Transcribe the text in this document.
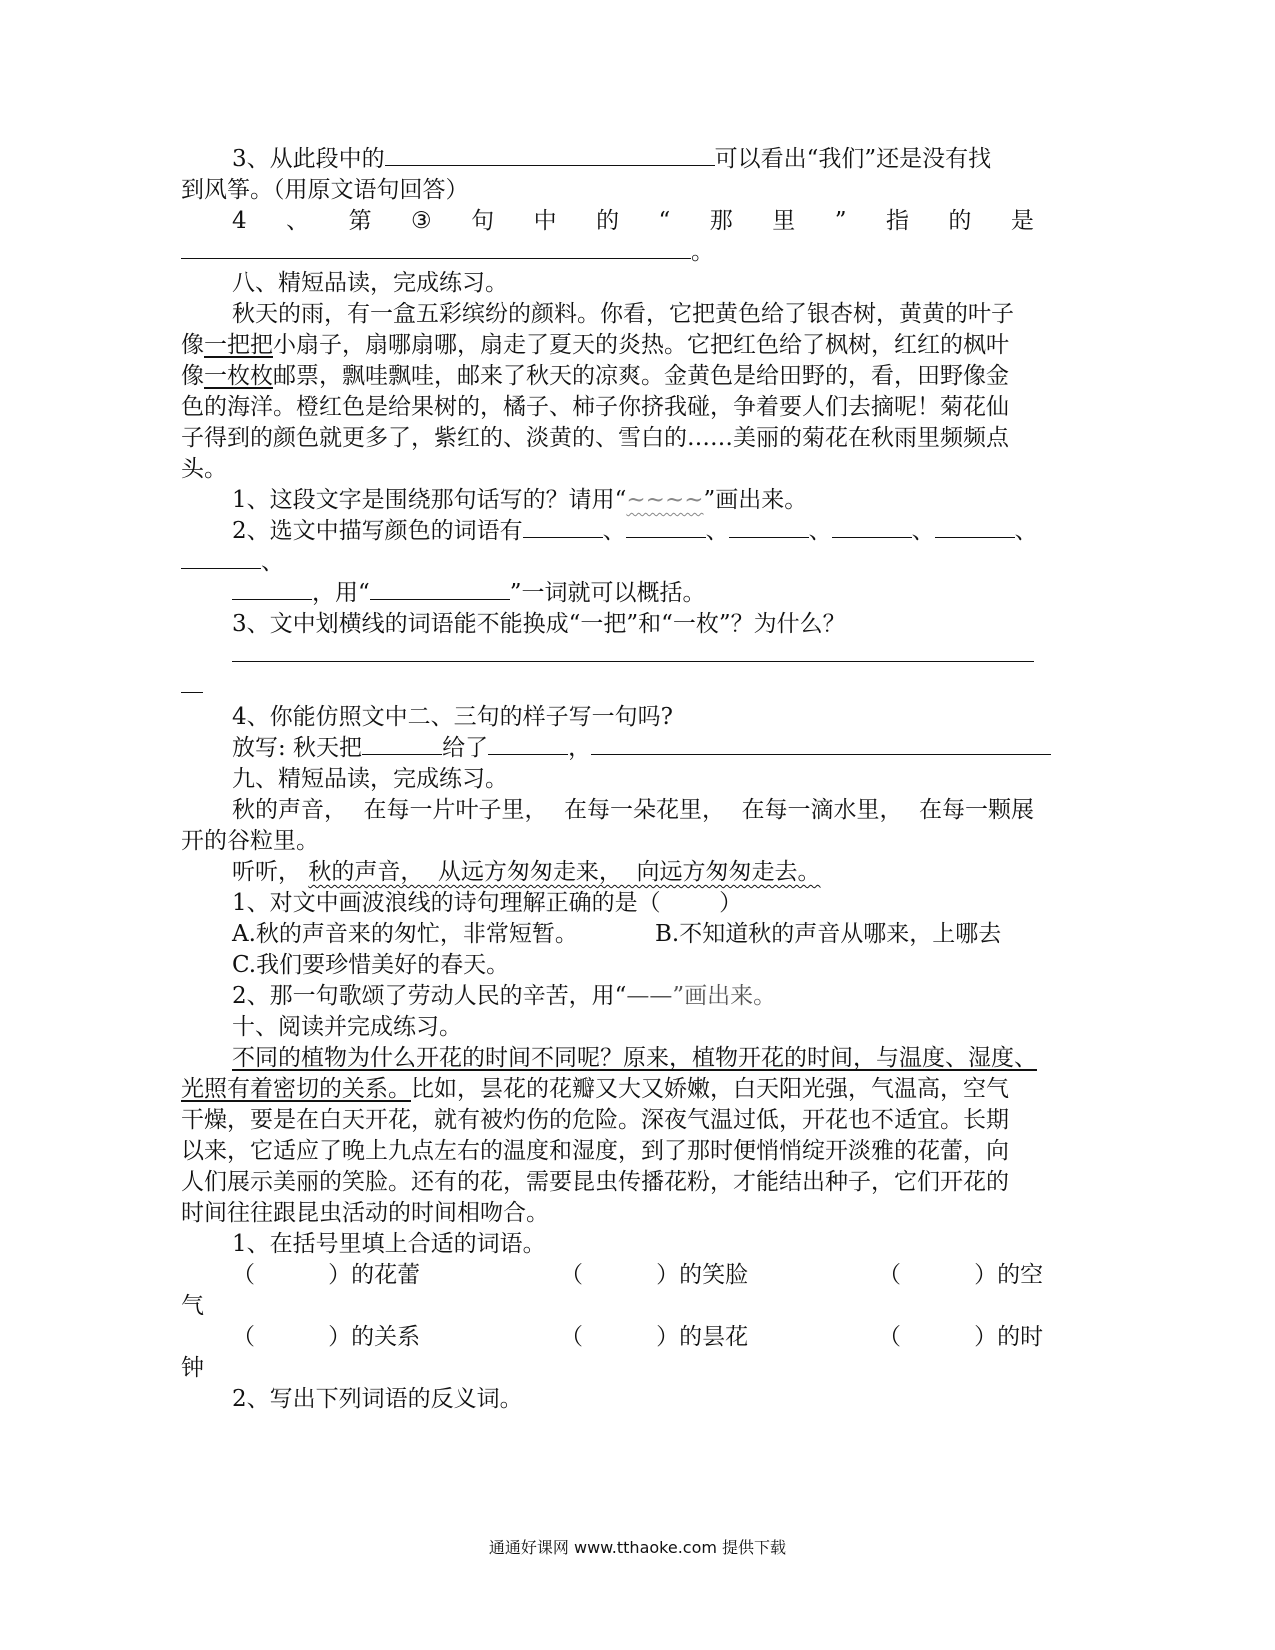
3、从此段中的	可以看出“我们”还是没有找
到风筝。（用原文语句回答）
4 、 第 ③ 句 中 的 “ 那 里 ” 指 的 是
。
八、精短品读，完成练习。
秋天的雨，有一盒五彩缤纷的颜料。你看，它把黄色给了银杏树，黄黄的叶子
像一把把小扇子，扇哪扇哪，扇走了夏天的炎热。它把红色给了枫树，红红的枫叶
像一枚枚邮票，飘哇飘哇，邮来了秋天的凉爽。金黄色是给田野的，看，田野像金
色的海洋。橙红色是给果树的，橘子、柿子你挤我碰，争着要人们去摘呢！菊花仙
子得到的颜色就更多了，紫红的、淡黄的、雪白的……美丽的菊花在秋雨里频频点
头。
1、这段文字是围绕那句话写的？请用“~~~~”画出来。
2、选文中描写颜色的词语有	、	、	、	、	、
、
，用“	”一词就可以概括。
3、文中划横线的词语能不能换成“一把”和“一枚”？为什么？
4、你能仿照文中二、三句的样子写一句吗?
放写: 秋天把	给了	，
九、精短品读，完成练习。
秋的声音， 在每一片叶子里， 在每一朵花里， 在每一滴水里， 在每一颗展
开的谷粒里。
听听， 秋的声音，  从远方匆匆走来，  向远方匆匆走去。
1、对文中画波浪线的诗句理解正确的是（        ）
A.秋的声音来的匆忙，非常短暂。	B.不知道秋的声音从哪来，上哪去
C.我们要珍惜美好的春天。
2、那一句歌颂了劳动人民的辛苦，用“——”画出来。
十、阅读并完成练习。
不同的植物为什么开花的时间不同呢？原来，植物开花的时间，与温度、湿度、
光照有着密切的关系。比如，昙花的花瓣又大又娇嫩，白天阳光强，气温高，空气
干燥，要是在白天开花，就有被灼伤的危险。深夜气温过低，开花也不适宜。长期
以来，它适应了晚上九点左右的温度和湿度，到了那时便悄悄绽开淡雅的花蕾，向
人们展示美丽的笑脸。还有的花，需要昆虫传播花粉，才能结出种子，它们开花的
时间往往跟昆虫活动的时间相吻合。
1、在括号里填上合适的词语。
（          ）的花蕾	（          ）的笑脸	（          ）的空
气
（          ）的关系	（          ）的昙花	（          ）的时
钟
2、写出下列词语的反义词。
通通好课网 www.tthaoke.com 提供下载
